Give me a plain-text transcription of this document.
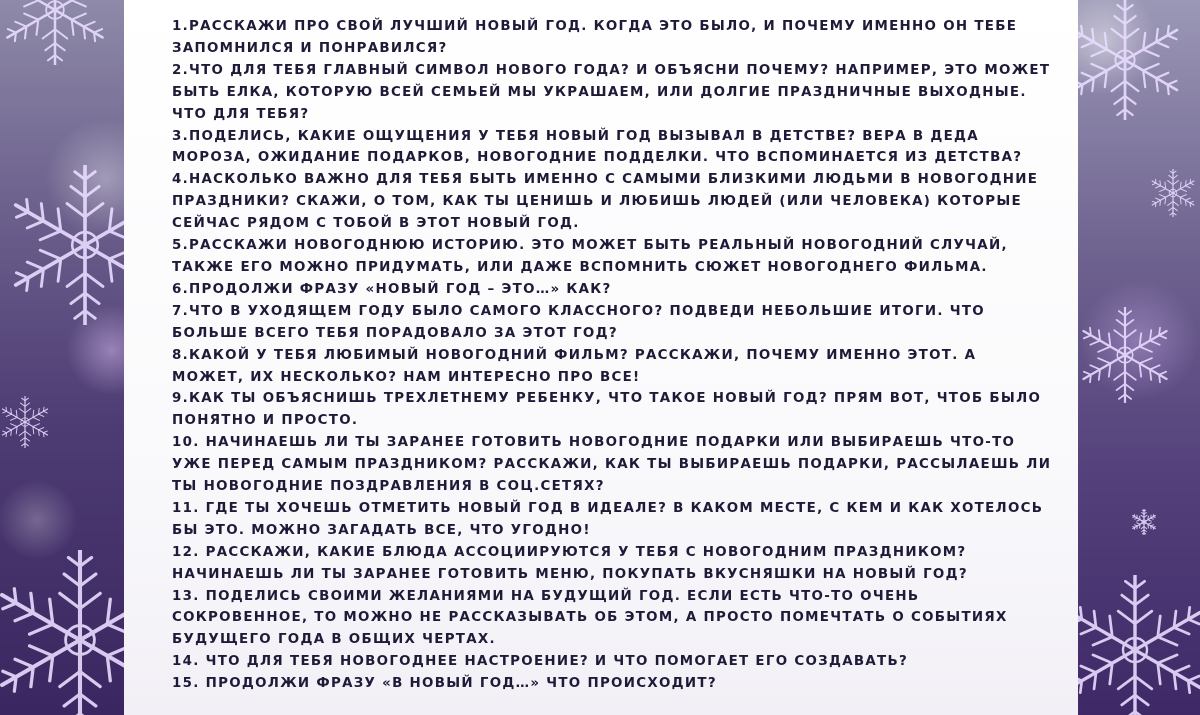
1.РАССКАЖИ ПРО СВОЙ ЛУЧШИЙ НОВЫЙ ГОД. КОГДА ЭТО БЫЛО, И ПОЧЕМУ ИМЕННО ОН ТЕБЕ ЗАПОМНИЛСЯ И ПОНРАВИЛСЯ?

2.ЧТО ДЛЯ ТЕБЯ ГЛАВНЫЙ СИМВОЛ НОВОГО ГОДА? И ОБЪЯСНИ ПОЧЕМУ? НАПРИМЕР, ЭТО МОЖЕТ БЫТЬ ЕЛКА, КОТОРУЮ ВСЕЙ СЕМЬЕЙ МЫ УКРАШАЕМ, ИЛИ ДОЛГИЕ ПРАЗДНИЧНЫЕ ВЫХОДНЫЕ. ЧТО ДЛЯ ТЕБЯ?

3.ПОДЕЛИСЬ, КАКИЕ ОЩУЩЕНИЯ У ТЕБЯ НОВЫЙ ГОД ВЫЗЫВАЛ В ДЕТСТВЕ? ВЕРА В ДЕДА МОРОЗА, ОЖИДАНИЕ ПОДАРКОВ, НОВОГОДНИЕ ПОДДЕЛКИ. ЧТО ВСПОМИНАЕТСЯ ИЗ ДЕТСТВА?

4.НАСКОЛЬКО ВАЖНО ДЛЯ ТЕБЯ БЫТЬ ИМЕННО С САМЫМИ БЛИЗКИМИ ЛЮДЬМИ В НОВОГОДНИЕ ПРАЗДНИКИ? СКАЖИ, О ТОМ, КАК ТЫ ЦЕНИШЬ И ЛЮБИШЬ ЛЮДЕЙ (ИЛИ ЧЕЛОВЕКА) КОТОРЫЕ СЕЙЧАС РЯДОМ С ТОБОЙ В ЭТОТ НОВЫЙ ГОД.

5.РАССКАЖИ НОВОГОДНЮЮ ИСТОРИЮ. ЭТО МОЖЕТ БЫТЬ РЕАЛЬНЫЙ НОВОГОДНИЙ СЛУЧАЙ, ТАКЖЕ ЕГО МОЖНО ПРИДУМАТЬ, ИЛИ ДАЖЕ ВСПОМНИТЬ СЮЖЕТ НОВОГОДНЕГО ФИЛЬМА.

6.ПРОДОЛЖИ ФРАЗУ «НОВЫЙ ГОД – ЭТО…» КАК?

7.ЧТО В УХОДЯЩЕМ ГОДУ БЫЛО САМОГО КЛАССНОГО? ПОДВЕДИ НЕБОЛЬШИЕ ИТОГИ. ЧТО БОЛЬШЕ ВСЕГО ТЕБЯ ПОРАДОВАЛО ЗА ЭТОТ ГОД?

8.КАКОЙ У ТЕБЯ ЛЮБИМЫЙ НОВОГОДНИЙ ФИЛЬМ? РАССКАЖИ, ПОЧЕМУ ИМЕННО ЭТОТ. А МОЖЕТ, ИХ НЕСКОЛЬКО? НАМ ИНТЕРЕСНО ПРО ВСЕ!

9.КАК ТЫ ОБЪЯСНИШЬ ТРЕХЛЕТНЕМУ РЕБЕНКУ, ЧТО ТАКОЕ НОВЫЙ ГОД? ПРЯМ ВОТ, ЧТОБ БЫЛО ПОНЯТНО И ПРОСТО.

10. НАЧИНАЕШЬ ЛИ ТЫ ЗАРАНЕЕ ГОТОВИТЬ НОВОГОДНИЕ ПОДАРКИ ИЛИ ВЫБИРАЕШЬ ЧТО-ТО УЖЕ ПЕРЕД САМЫМ ПРАЗДНИКОМ? РАССКАЖИ, КАК ТЫ ВЫБИРАЕШЬ ПОДАРКИ, РАССЫЛАЕШЬ ЛИ ТЫ НОВОГОДНИЕ ПОЗДРАВЛЕНИЯ В СОЦ.СЕТЯХ?

11. ГДЕ ТЫ ХОЧЕШЬ ОТМЕТИТЬ НОВЫЙ ГОД В ИДЕАЛЕ? В КАКОМ МЕСТЕ, С КЕМ И КАК ХОТЕЛОСЬ БЫ ЭТО. МОЖНО ЗАГАДАТЬ ВСЕ, ЧТО УГОДНО!

12. РАССКАЖИ, КАКИЕ БЛЮДА АССОЦИИРУЮТСЯ У ТЕБЯ С НОВОГОДНИМ ПРАЗДНИКОМ? НАЧИНАЕШЬ ЛИ ТЫ ЗАРАНЕЕ ГОТОВИТЬ МЕНЮ, ПОКУПАТЬ ВКУСНЯШКИ НА НОВЫЙ ГОД?

13. ПОДЕЛИСЬ СВОИМИ ЖЕЛАНИЯМИ НА БУДУЩИЙ ГОД. ЕСЛИ ЕСТЬ ЧТО-ТО ОЧЕНЬ СОКРОВЕННОЕ, ТО МОЖНО НЕ РАССКАЗЫВАТЬ ОБ ЭТОМ, А ПРОСТО ПОМЕЧТАТЬ О СОБЫТИЯХ БУДУЩЕГО ГОДА В ОБЩИХ ЧЕРТАХ.

14. ЧТО ДЛЯ ТЕБЯ НОВОГОДНЕЕ НАСТРОЕНИЕ? И ЧТО ПОМОГАЕТ ЕГО СОЗДАВАТЬ?

15. ПРОДОЛЖИ ФРАЗУ «В НОВЫЙ ГОД…» ЧТО ПРОИСХОДИТ?
